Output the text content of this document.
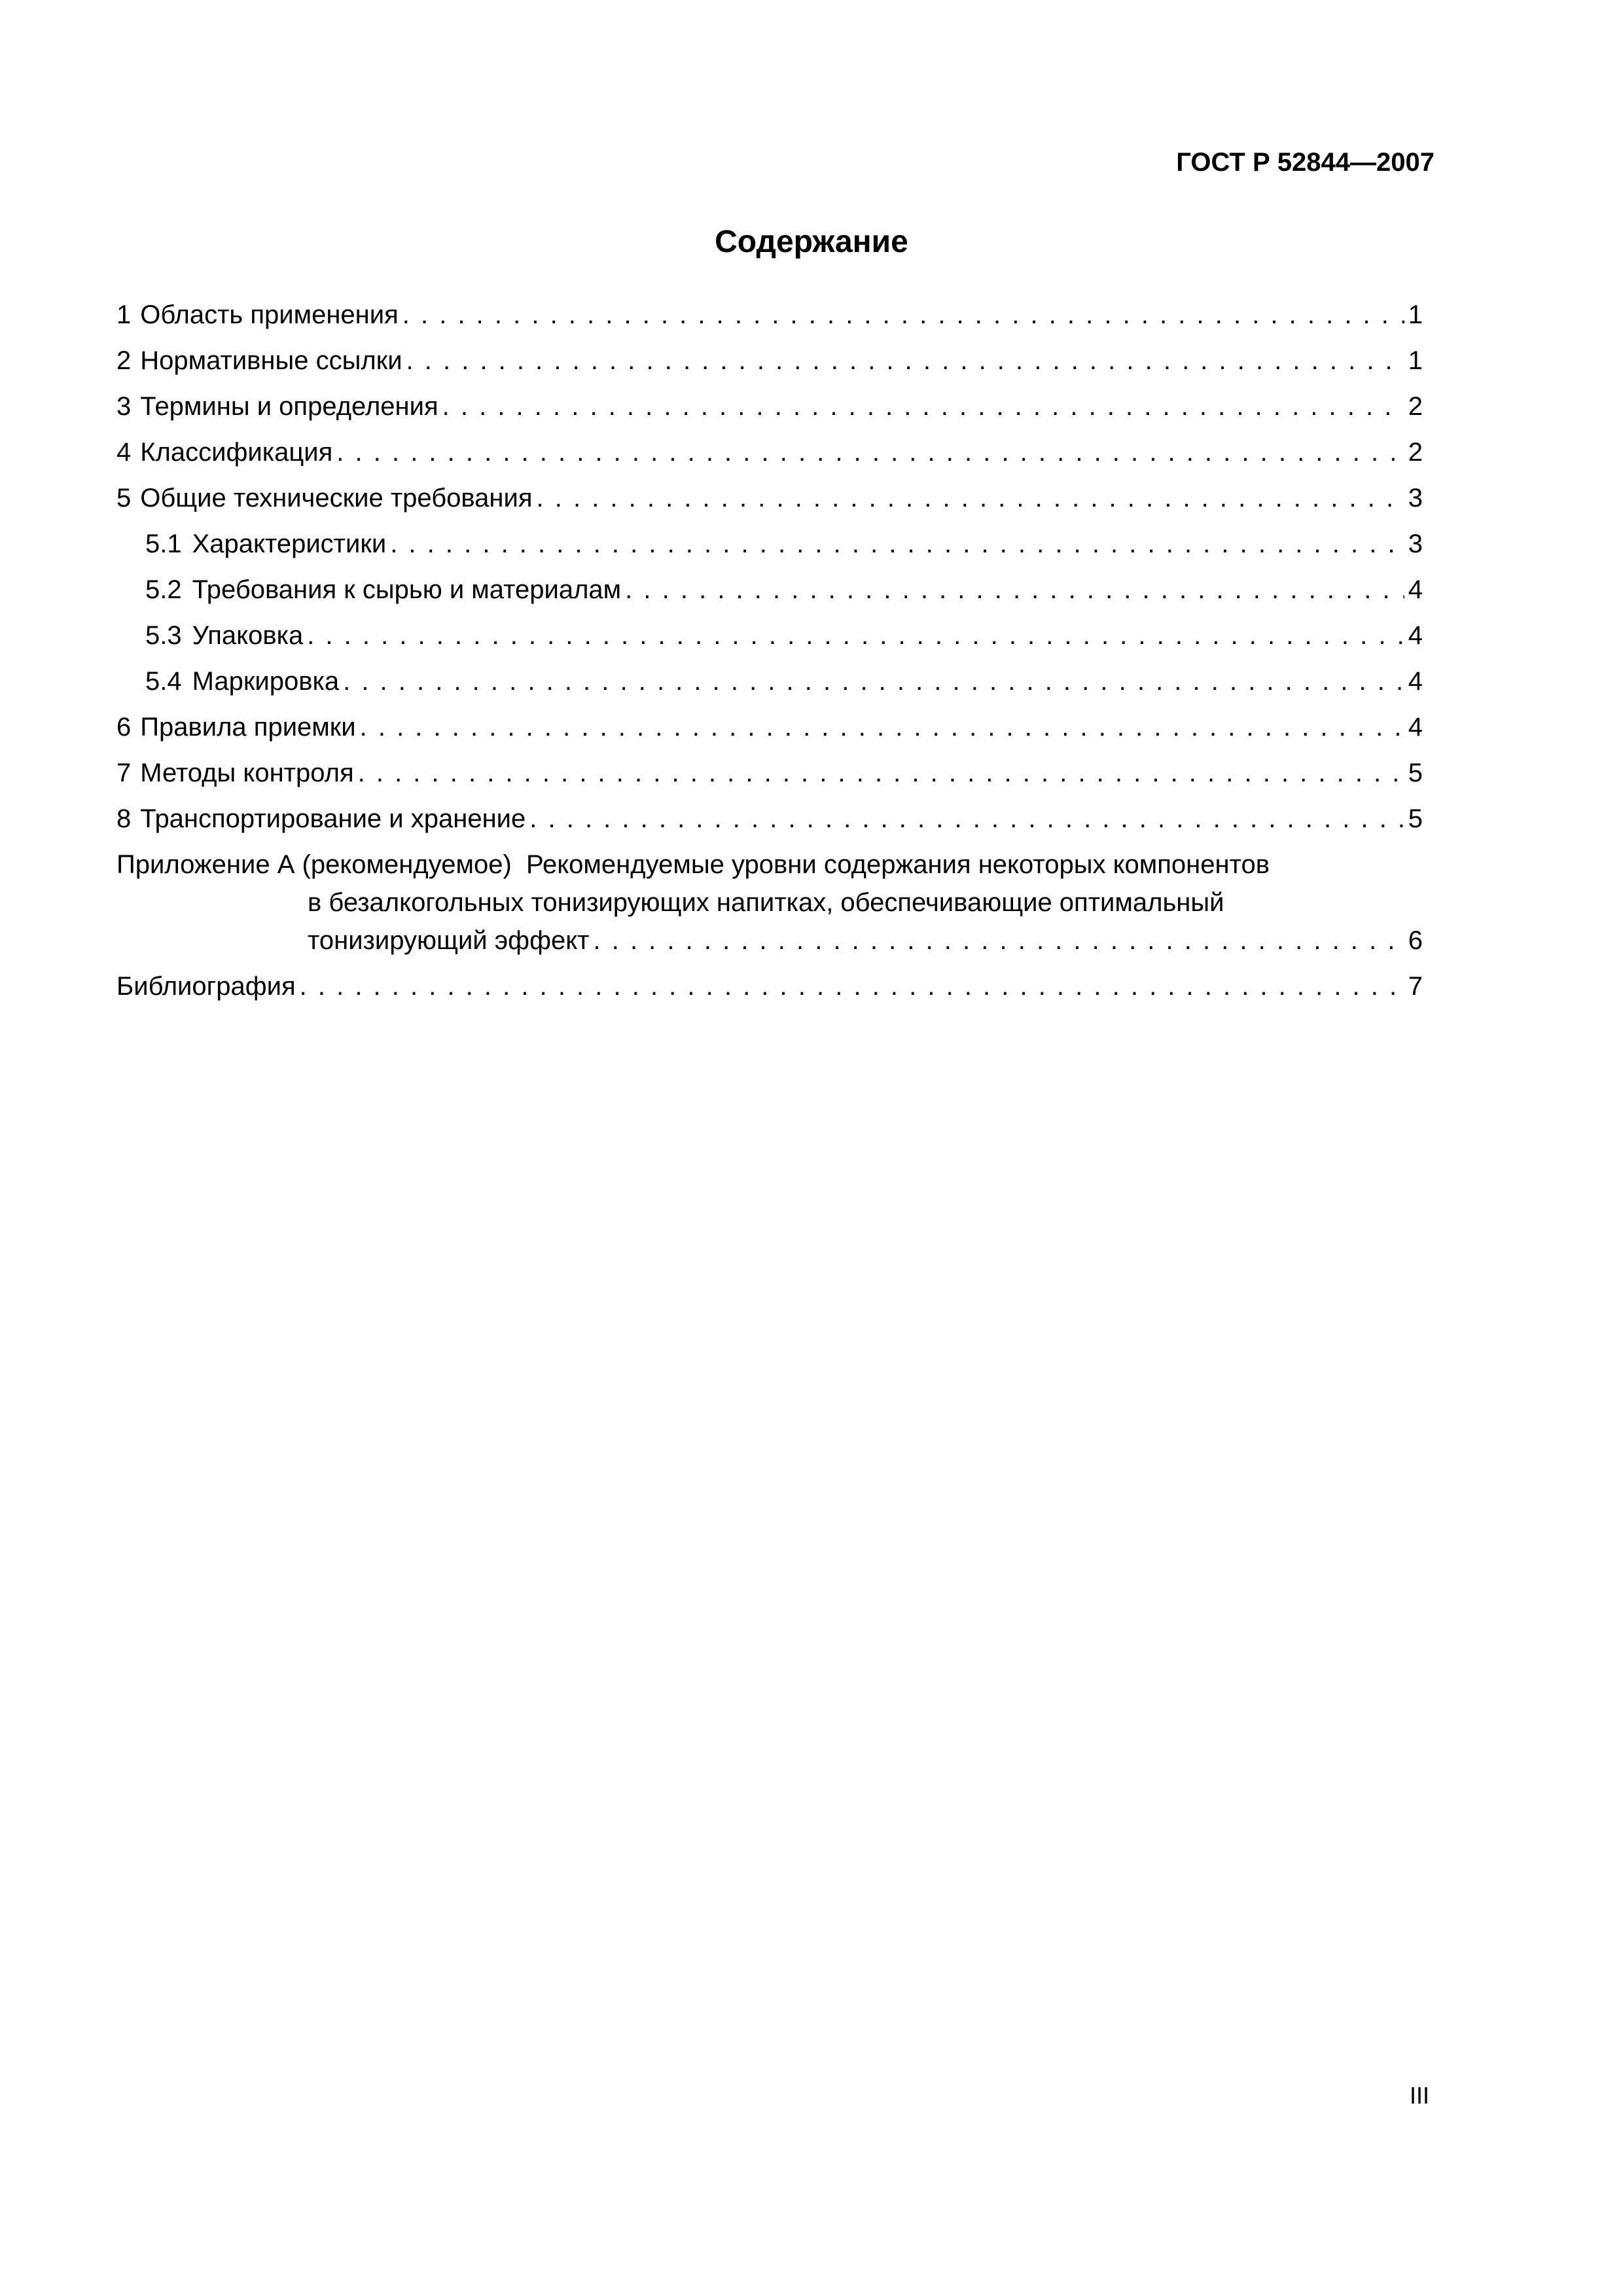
ГОСТ Р 52844—2007
Содержание
1 Область применения . . .	1
2 Нормативные ссылки . . .	1
3 Термины и определения . . .	2
4 Классификация . . .	2
5 Общие технические требования . . .	3
5.1 Характеристики . . .	3
5.2 Требования к сырью и материалам . . .	4
5.3 Упаковка . . .	4
5.4 Маркировка . . .	4
6 Правила приемки . . .	4
7 Методы контроля . . .	5
8 Транспортирование и хранение . . .	5
Приложение А (рекомендуемое) Рекомендуемые уровни содержания некоторых компонентов
в безалкогольных тонизирующих напитках, обеспечивающие оптимальный
тонизирующий эффект . . .	6
Библиография . . .	7
III
